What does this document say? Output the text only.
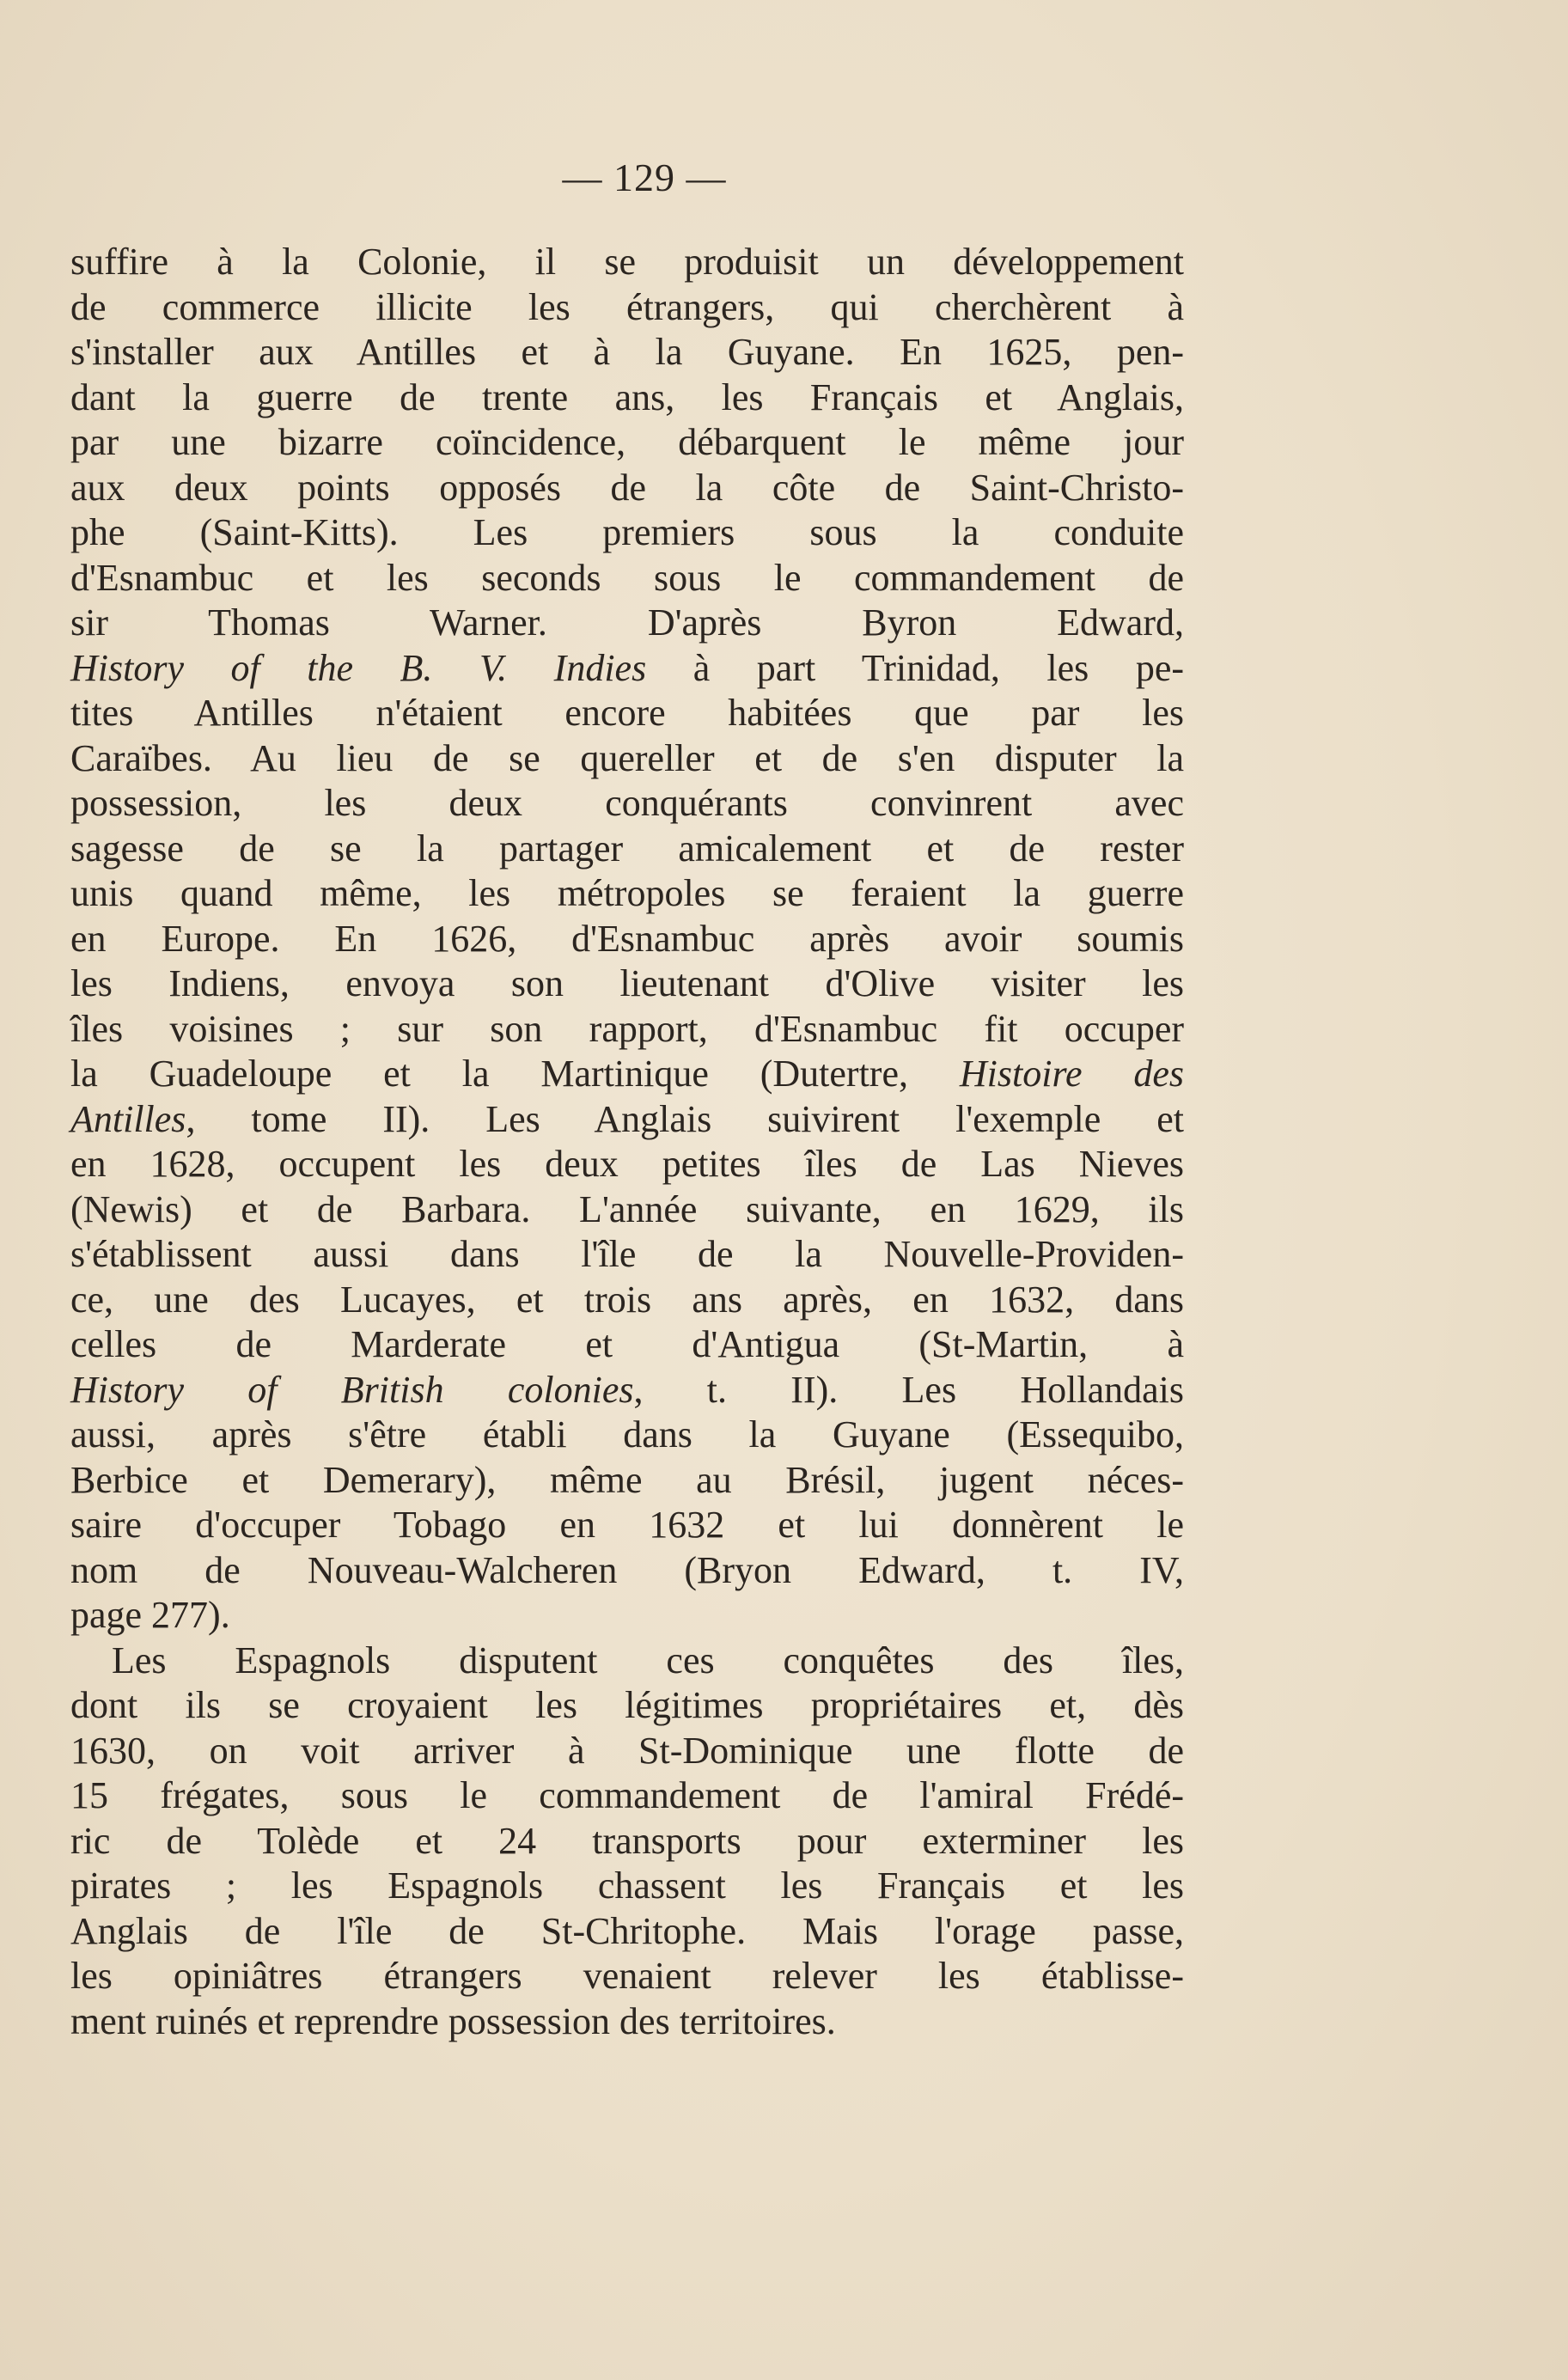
— 129 —
suffire à la Colonie, il se produisit un développement
de commerce illicite les étrangers, qui cherchèrent à
s'installer aux Antilles et à la Guyane. En 1625, pen-
dant la guerre de trente ans, les Français et Anglais,
par une bizarre coïncidence, débarquent le même jour
aux deux points opposés de la côte de Saint-Christo-
phe (Saint-Kitts). Les premiers sous la conduite
d'Esnambuc et les seconds sous le commandement de
sir Thomas Warner. D'après Byron Edward,
History of the B. V. Indies à part Trinidad, les pe-
tites Antilles n'étaient encore habitées que par les
Caraïbes. Au lieu de se quereller et de s'en disputer la
possession, les deux conquérants convinrent avec
sagesse de se la partager amicalement et de rester
unis quand même, les métropoles se feraient la guerre
en Europe. En 1626, d'Esnambuc après avoir soumis
les Indiens, envoya son lieutenant d'Olive visiter les
îles voisines ; sur son rapport, d'Esnambuc fit occuper
la Guadeloupe et la Martinique (Dutertre, Histoire des
Antilles, tome II). Les Anglais suivirent l'exemple et
en 1628, occupent les deux petites îles de Las Nieves
(Newis) et de Barbara. L'année suivante, en 1629, ils
s'établissent aussi dans l'île de la Nouvelle-Providen-
ce, une des Lucayes, et trois ans après, en 1632, dans
celles de Marderate et d'Antigua (St-Martin, à
History of British colonies, t. II). Les Hollandais
aussi, après s'être établi dans la Guyane (Essequibo,
Berbice et Demerary), même au Brésil, jugent néces-
saire d'occuper Tobago en 1632 et lui donnèrent le
nom de Nouveau-Walcheren (Bryon Edward, t. IV,
page 277).
Les Espagnols disputent ces conquêtes des îles,
dont ils se croyaient les légitimes propriétaires et, dès
1630, on voit arriver à St-Dominique une flotte de
15 frégates, sous le commandement de l'amiral Frédé-
ric de Tolède et 24 transports pour exterminer les
pirates ; les Espagnols chassent les Français et les
Anglais de l'île de St-Chritophe. Mais l'orage passe,
les opiniâtres étrangers venaient relever les établisse-
ment ruinés et reprendre possession des territoires.
